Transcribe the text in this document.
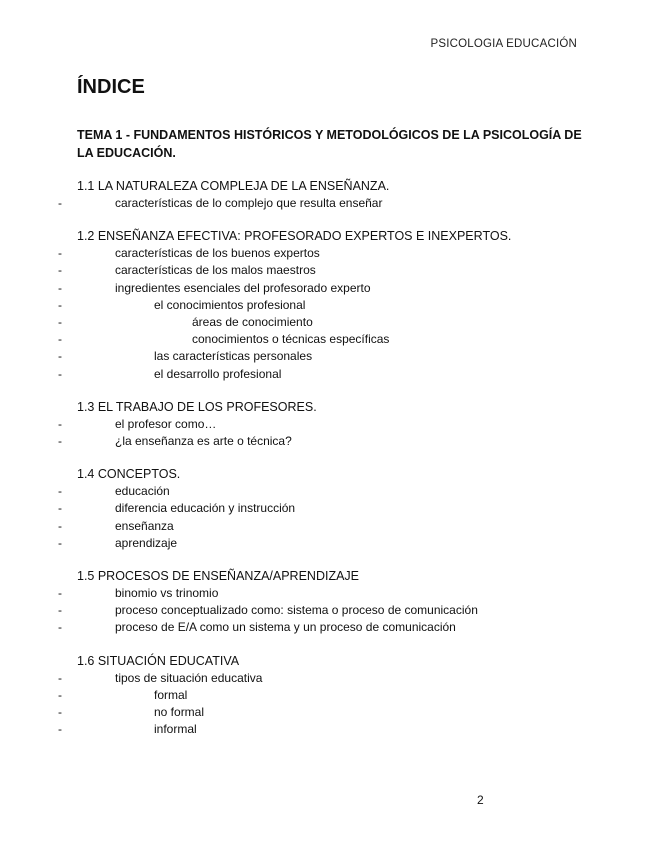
PSICOLOGIA EDUCACIÓN
ÍNDICE
TEMA 1 - FUNDAMENTOS HISTÓRICOS Y METODOLÓGICOS DE LA PSICOLOGÍA DE LA EDUCACIÓN.
1.1 LA NATURALEZA COMPLEJA DE LA ENSEÑANZA.
- características de lo complejo que resulta enseñar
1.2 ENSEÑANZA EFECTIVA: PROFESORADO EXPERTOS E INEXPERTOS.
- características de los buenos expertos
- características de los malos maestros
- ingredientes esenciales del profesorado experto
- el conocimientos profesional
- áreas de conocimiento
- conocimientos o técnicas específicas
- las características personales
- el desarrollo profesional
1.3 EL TRABAJO DE LOS PROFESORES.
- el profesor como…
- ¿la enseñanza es arte o técnica?
1.4 CONCEPTOS.
- educación
- diferencia educación y instrucción
- enseñanza
- aprendizaje
1.5 PROCESOS DE ENSEÑANZA/APRENDIZAJE
- binomio vs trinomio
- proceso conceptualizado como: sistema o proceso de comunicación
- proceso de E/A como un sistema y un proceso de comunicación
1.6 SITUACIÓN EDUCATIVA
- tipos de situación educativa
- formal
- no formal
- informal
2
